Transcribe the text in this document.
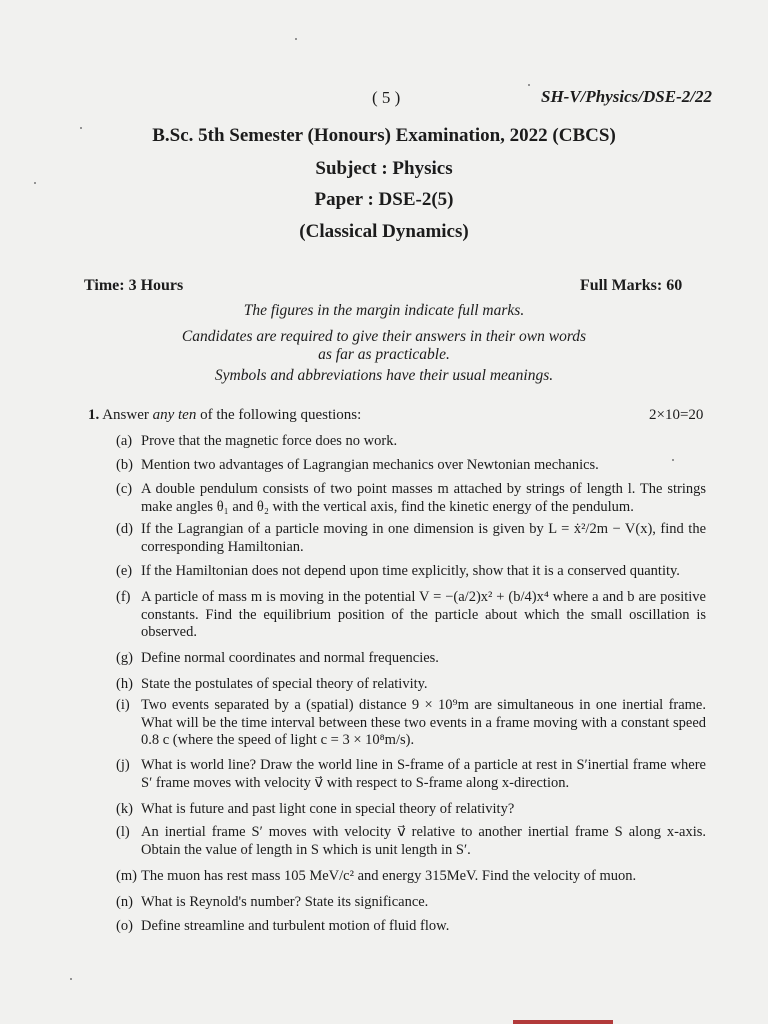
( 5 )	SH-V/Physics/DSE-2/22
B.Sc. 5th Semester (Honours) Examination, 2022 (CBCS)
Subject : Physics
Paper : DSE-2(5)
(Classical Dynamics)
Time: 3 Hours	Full Marks: 60
The figures in the margin indicate full marks.
Candidates are required to give their answers in their own words
as far as practicable.
Symbols and abbreviations have their usual meanings.
1. Answer any ten of the following questions:	2×10=20
(a) Prove that the magnetic force does no work.
(b) Mention two advantages of Lagrangian mechanics over Newtonian mechanics.
(c) A double pendulum consists of two point masses m attached by strings of length l. The strings make angles θ₁ and θ₂ with the vertical axis, find the kinetic energy of the pendulum.
(d) If the Lagrangian of a particle moving in one dimension is given by L = ẋ²/2m − V(x), find the corresponding Hamiltonian.
(e) If the Hamiltonian does not depend upon time explicitly, show that it is a conserved quantity.
(f) A particle of mass m is moving in the potential V = −(a/2)x² + (b/4)x⁴ where a and b are positive constants. Find the equilibrium position of the particle about which the small oscillation is observed.
(g) Define normal coordinates and normal frequencies.
(h) State the postulates of special theory of relativity.
(i) Two events separated by a (spatial) distance 9 × 10⁹m are simultaneous in one inertial frame. What will be the time interval between these two events in a frame moving with a constant speed 0.8 c (where the speed of light c = 3 × 10⁸m/s).
(j) What is world line? Draw the world line in S-frame of a particle at rest in S′inertial frame where S′ frame moves with velocity v⃗ with respect to S-frame along x-direction.
(k) What is future and past light cone in special theory of relativity?
(l) An inertial frame S′ moves with velocity v⃗ relative to another inertial frame S along x-axis. Obtain the value of length in S which is unit length in S′.
(m) The muon has rest mass 105 MeV/c² and energy 315MeV. Find the velocity of muon.
(n) What is Reynold's number? State its significance.
(o) Define streamline and turbulent motion of fluid flow.
